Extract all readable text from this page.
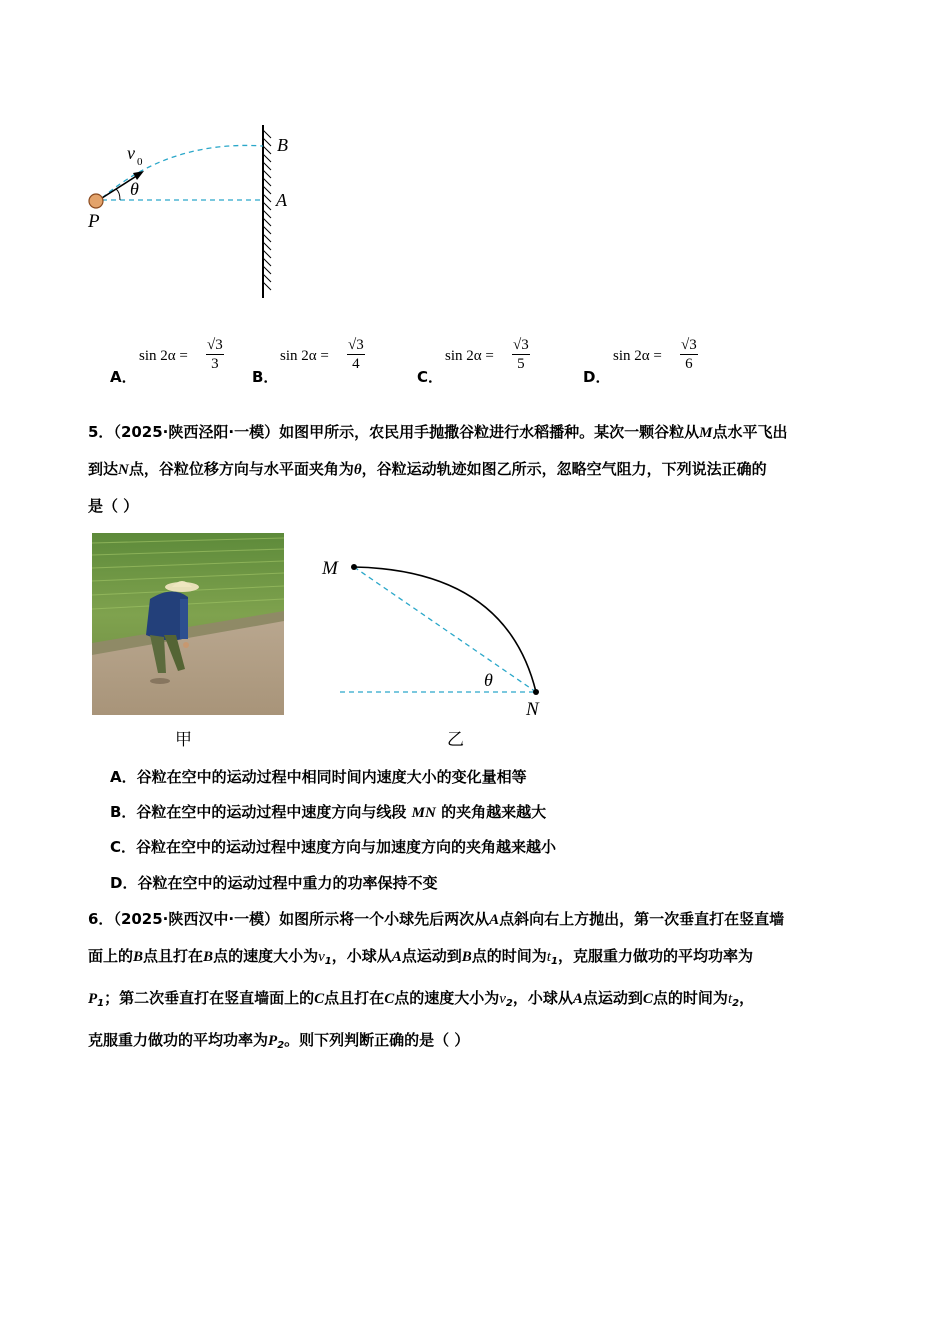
v 0
θ
B
A
P
A．
$\sin 2\alpha = \frac{√3}{3}$
B．
$\sin 2\alpha = \frac{√3}{4}$
C．
$\sin 2\alpha = \frac{√3}{5}$
D．
$\sin 2\alpha = \frac{√3}{6}$
5．（2025·陕西泾阳·一模）如图甲所示，农民用手抛撒谷粒进行水稻播种。某次一颗谷粒从M点水平飞出
到达N点，谷粒位移方向与水平面夹角为θ，谷粒运动轨迹如图乙所示，忽略空气阻力，下列说法正确的
是（ ）
M
N
θ
甲	乙
A．谷粒在空中的运动过程中相同时间内速度大小的变化量相等
B．谷粒在空中的运动过程中速度方向与线段 MN 的夹角越来越大
C．谷粒在空中的运动过程中速度方向与加速度方向的夹角越来越小
D．谷粒在空中的运动过程中重力的功率保持不变
6．（2025·陕西汉中·一模）如图所示将一个小球先后两次从A点斜向右上方抛出，第一次垂直打在竖直墙
面上的B点且打在B点的速度大小为$v_1$，小球从A点运动到B点的时间为$t_1$，克服重力做功的平均功率为
$P_1$；第二次垂直打在竖直墙面上的C点且打在C点的速度大小为$v_2$，小球从A点运动到C点的时间为$t_2$，
克服重力做功的平均功率为$P_2$。则下列判断正确的是（ ）
